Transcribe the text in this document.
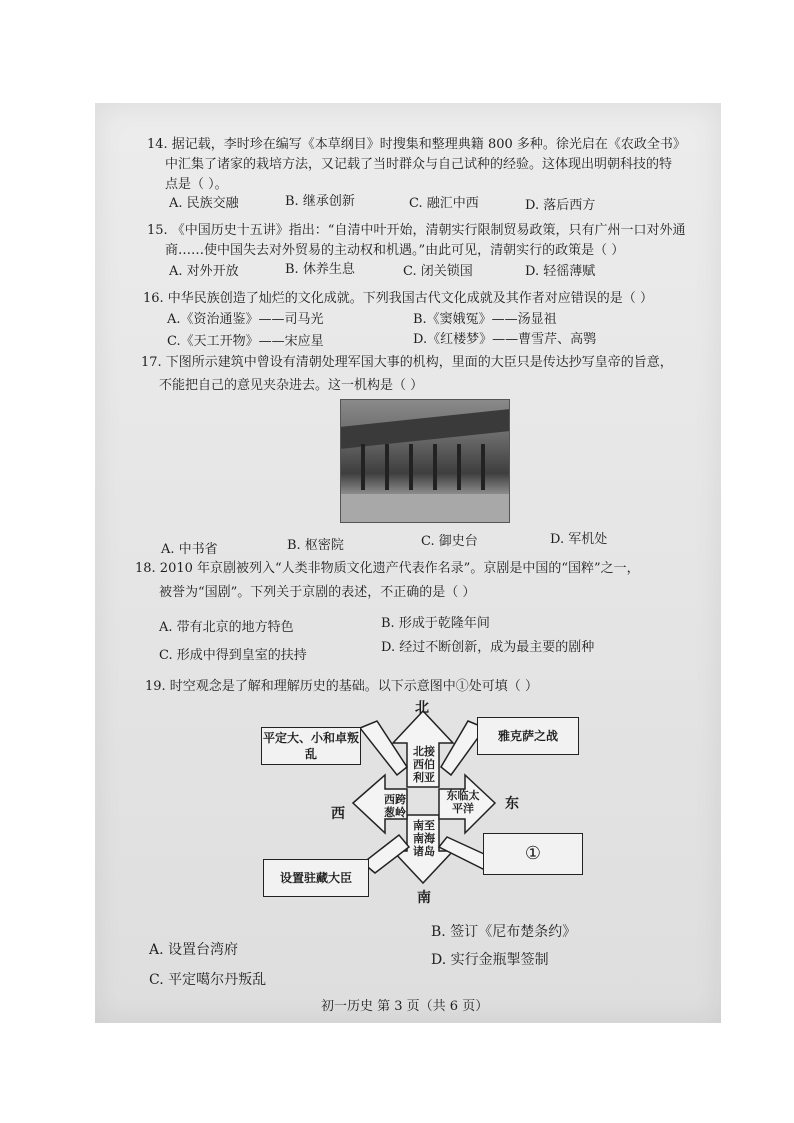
14. 据记载，李时珍在编写《本草纲目》时搜集和整理典籍 800 多种。徐光启在《农政全书》
中汇集了诸家的栽培方法，又记载了当时群众与自己试种的经验。这体现出明朝科技的特
点是（ ）。
A. 民族交融	B. 继承创新	C. 融汇中西	D. 落后西方
15. 《中国历史十五讲》指出：“自清中叶开始，清朝实行限制贸易政策，只有广州一口对外通
商……使中国失去对外贸易的主动权和机遇。”由此可见，清朝实行的政策是（ ）
A. 对外开放	B. 休养生息	C. 闭关锁国	D. 轻徭薄赋
16. 中华民族创造了灿烂的文化成就。下列我国古代文化成就及其作者对应错误的是（ ）
A.《资治通鉴》——司马光	B.《窦娥冤》——汤显祖
C.《天工开物》——宋应星	D.《红楼梦》——曹雪芹、高鹗
17. 下图所示建筑中曾设有清朝处理军国大事的机构，里面的大臣只是传达抄写皇帝的旨意，
不能把自己的意见夹杂进去。这一机构是（ ）
A. 中书省	B. 枢密院	C. 御史台	D. 军机处
18. 2010 年京剧被列入“人类非物质文化遗产代表作名录”。京剧是中国的“国粹”之一，
被誉为“国剧”。下列关于京剧的表述，不正确的是（ ）
A. 带有北京的地方特色	B. 形成于乾隆年间
C. 形成中得到皇室的扶持
D. 经过不断创新，成为最主要的剧种
19. 时空观念是了解和理解历史的基础。以下示意图中①处可填（ ）
北
南
西
东
北接西伯利亚
西跨葱岭
东临太平洋
南至南海诸岛
平定大、小和卓叛乱
雅克萨之战
设置驻藏大臣
①
A. 设置台湾府
B. 签订《尼布楚条约》
C. 平定噶尔丹叛乱
D. 实行金瓶掣签制
初一历史 第 3 页（共 6 页）
